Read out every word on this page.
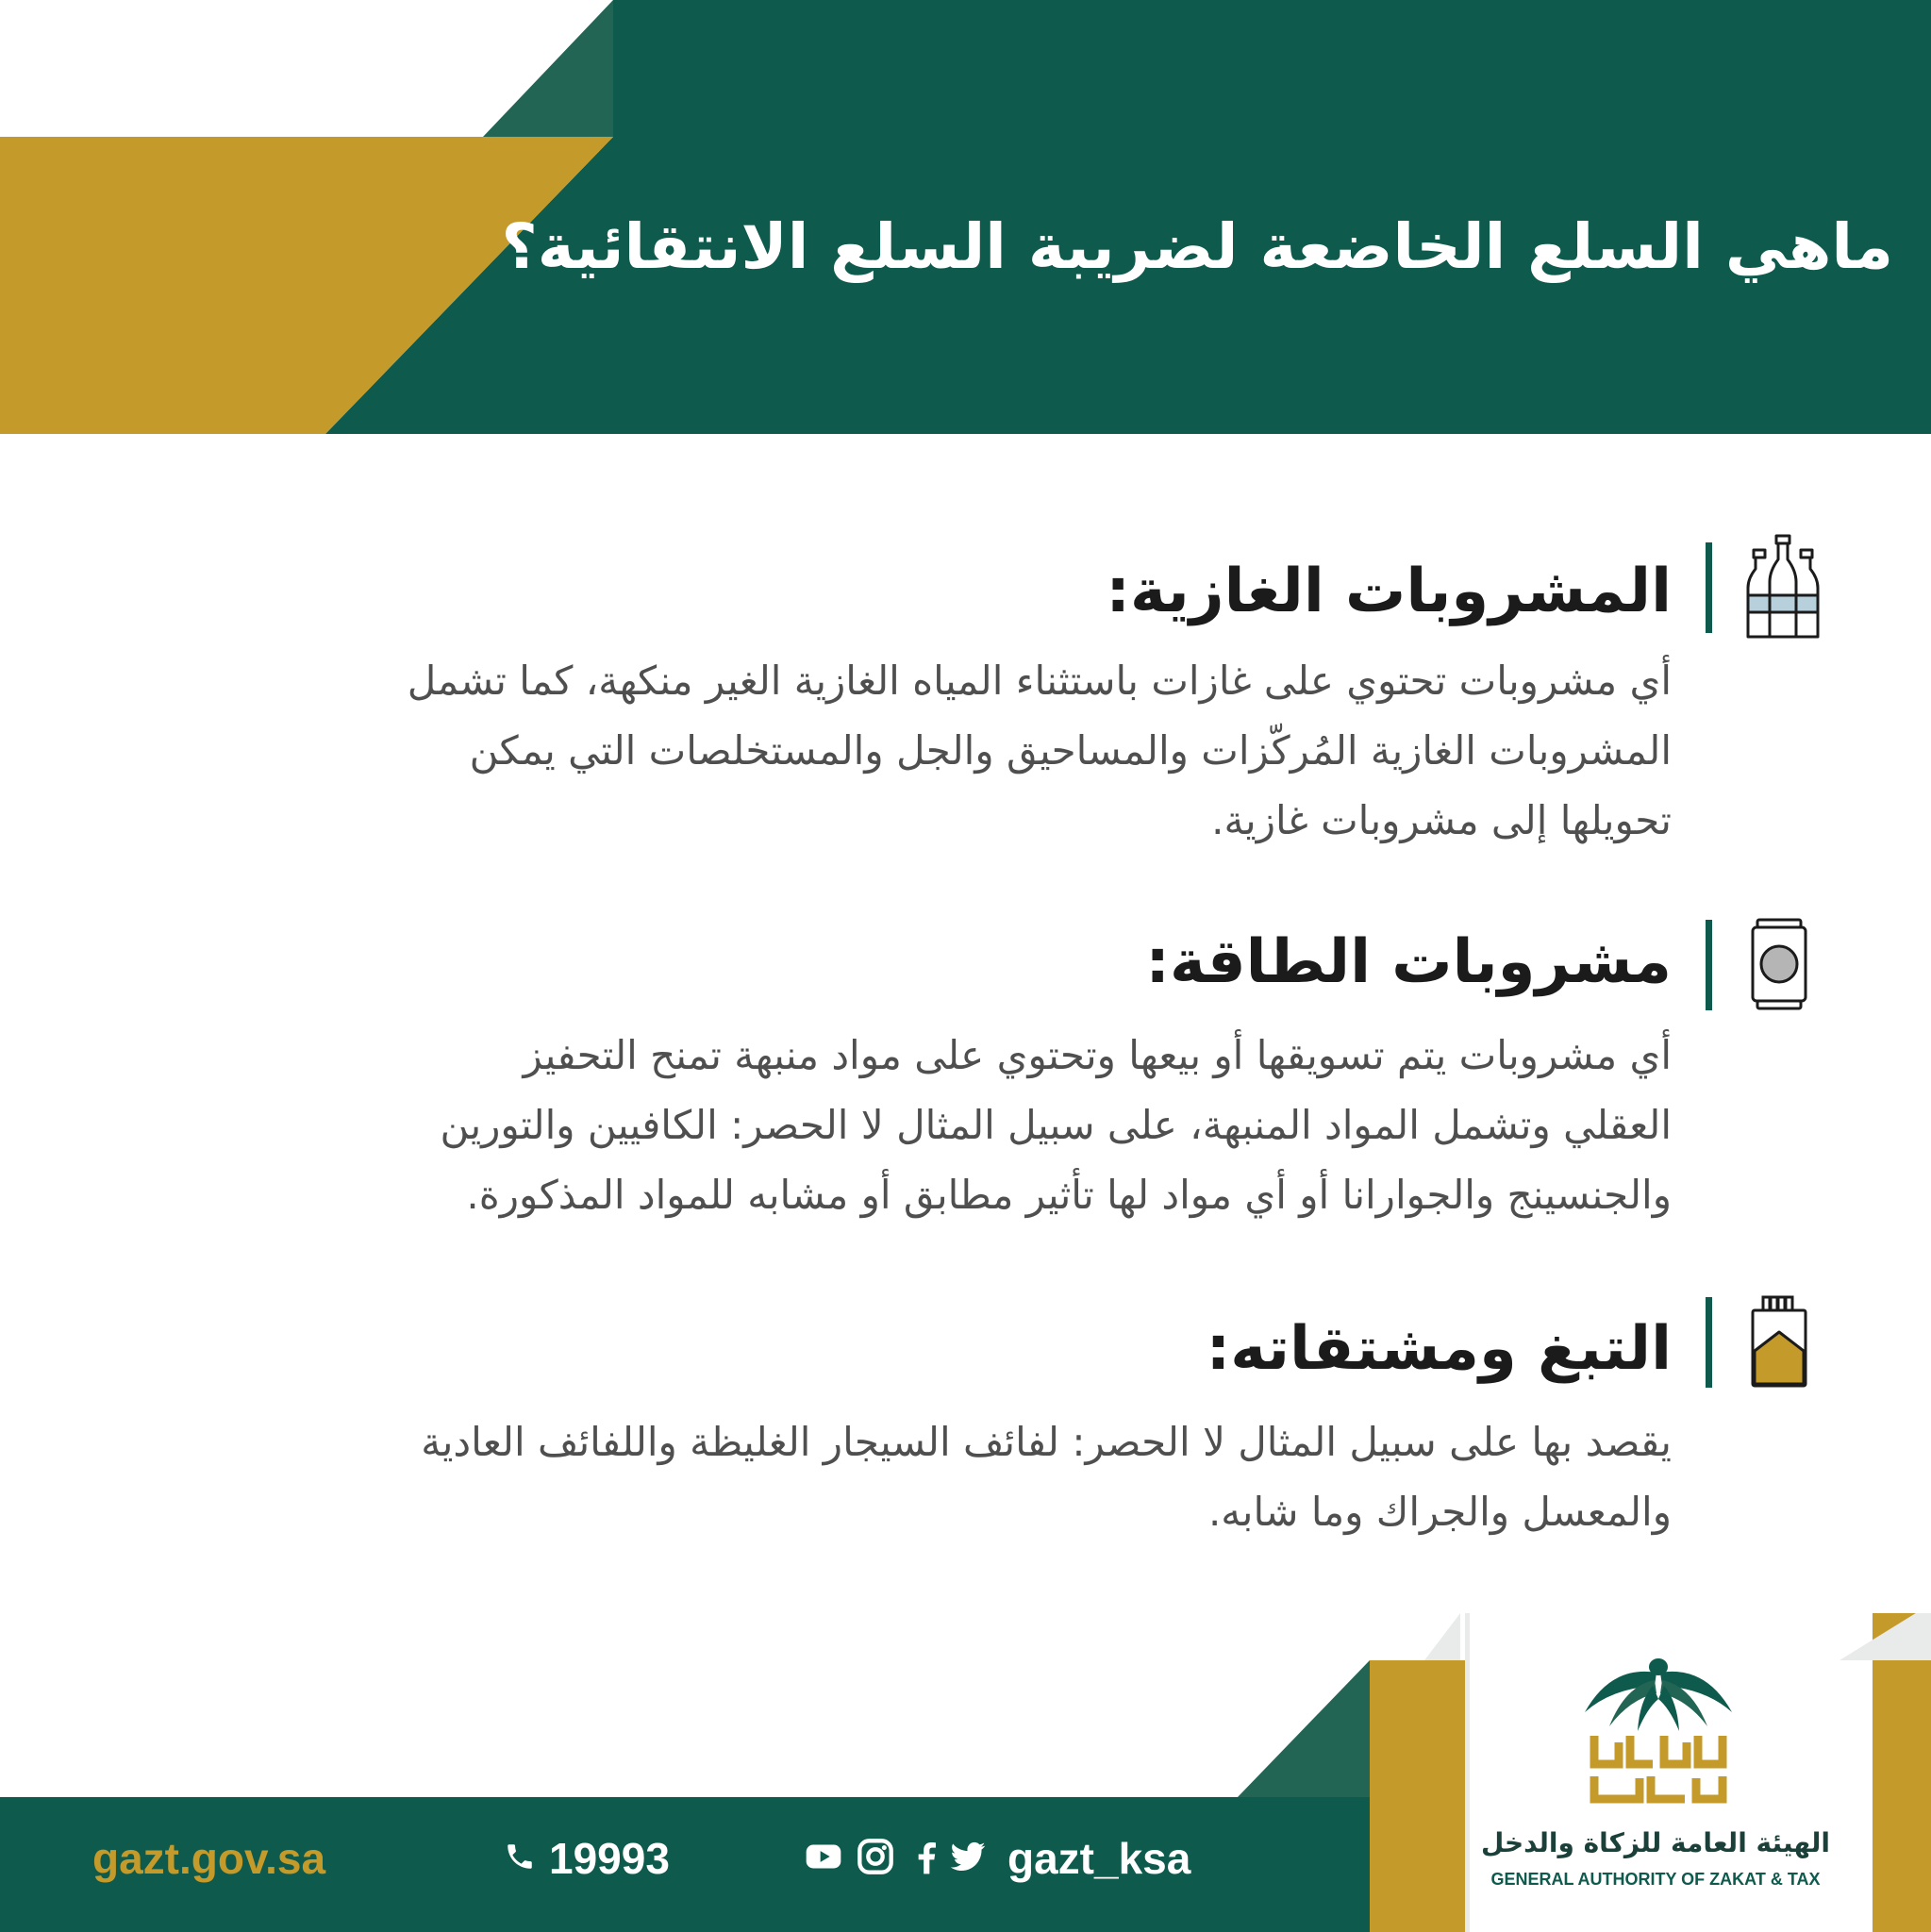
ماهي السلع الخاضعة لضريبة السلع الانتقائية؟
المشروبات الغازية:
أي مشروبات تحتوي على غازات باستثناء المياه الغازية الغير منكهة، كما تشمل
المشروبات الغازية المُركّزات والمساحيق والجل والمستخلصات التي يمكن
تحويلها إلى مشروبات غازية.
مشروبات الطاقة:
أي مشروبات يتم تسويقها أو بيعها وتحتوي على مواد منبهة تمنح التحفيز
العقلي وتشمل المواد المنبهة، على سبيل المثال لا الحصر: الكافيين والتورين
والجنسينج والجوارانا أو أي مواد لها تأثير مطابق أو مشابه للمواد المذكورة.
التبغ ومشتقاته:
يقصد بها على سبيل المثال لا الحصر: لفائف السيجار الغليظة واللفائف العادية
والمعسل والجراك وما شابه.
gazt.gov.sa	19993	gazt_ksa	الهيئة العامة للزكاة والدخل
GENERAL AUTHORITY OF ZAKAT & TAX
